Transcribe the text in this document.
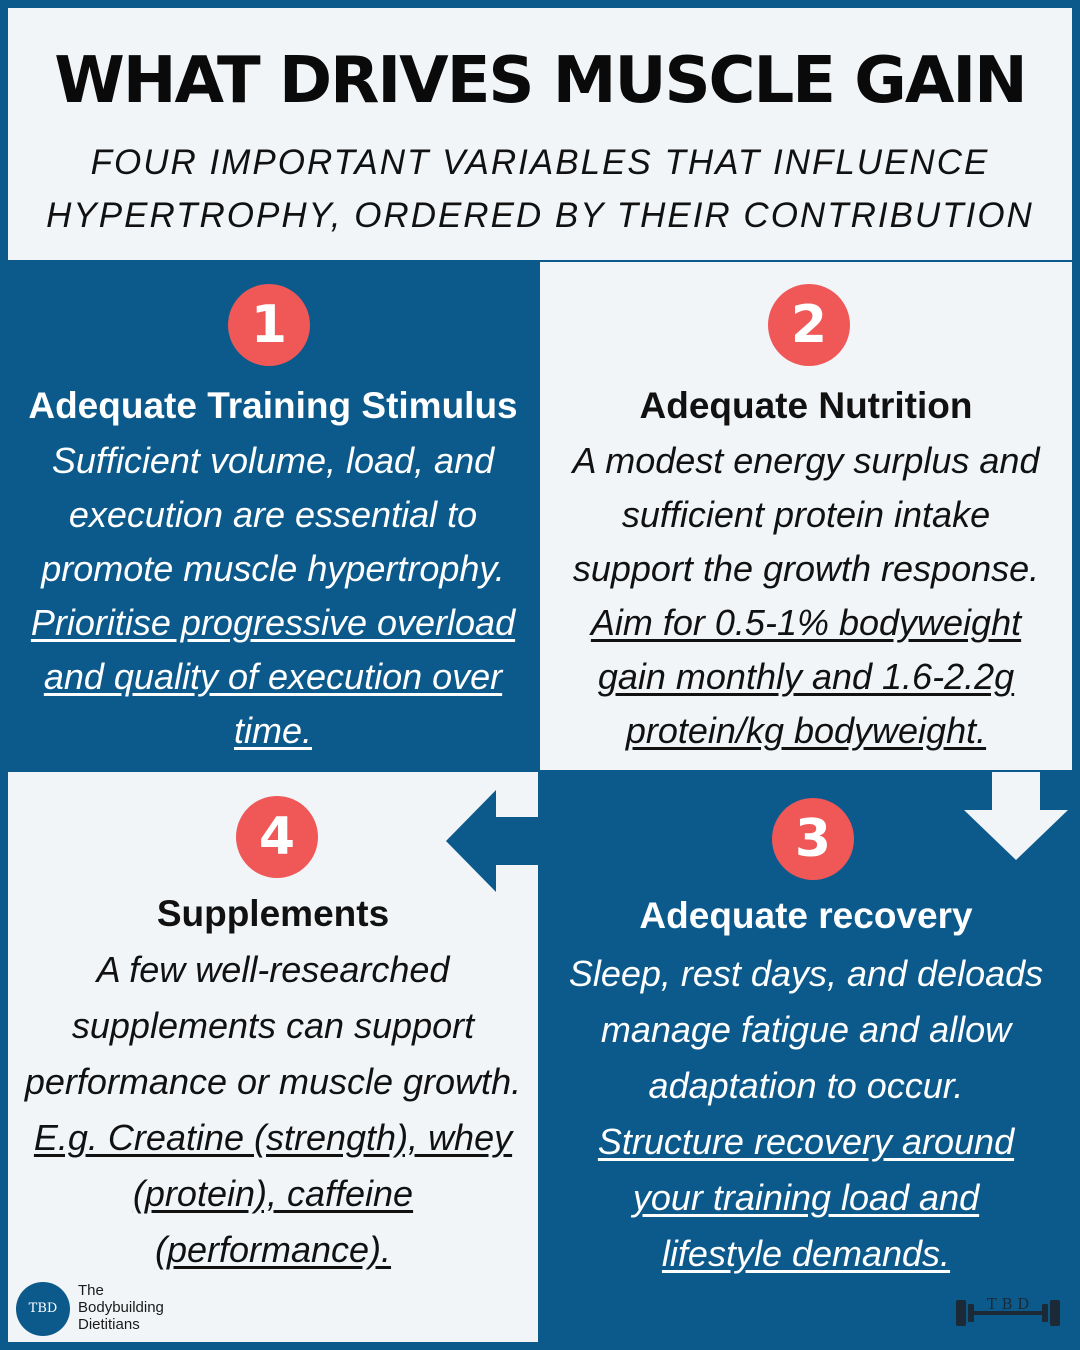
WHAT DRIVES MUSCLE GAIN
FOUR IMPORTANT VARIABLES THAT INFLUENCE
HYPERTROPHY, ORDERED BY THEIR CONTRIBUTION
1
Adequate Training Stimulus
Sufficient volume, load, and
execution are essential to
promote muscle hypertrophy.
Prioritise progressive overload
and quality of execution over
time.
2
Adequate Nutrition
A modest energy surplus and
sufficient protein intake
support the growth response.
Aim for 0.5-1% bodyweight
gain monthly and 1.6-2.2g
protein/kg bodyweight.
3
Adequate recovery
Sleep, rest days, and deloads
manage fatigue and allow
adaptation to occur.
Structure recovery around
your training load and
lifestyle demands.
4
Supplements
A few well-researched
supplements can support
performance or muscle growth.
E.g. Creatine (strength), whey
(protein), caffeine
(performance).
TBD
The
Bodybuilding
Dietitians
T B D
